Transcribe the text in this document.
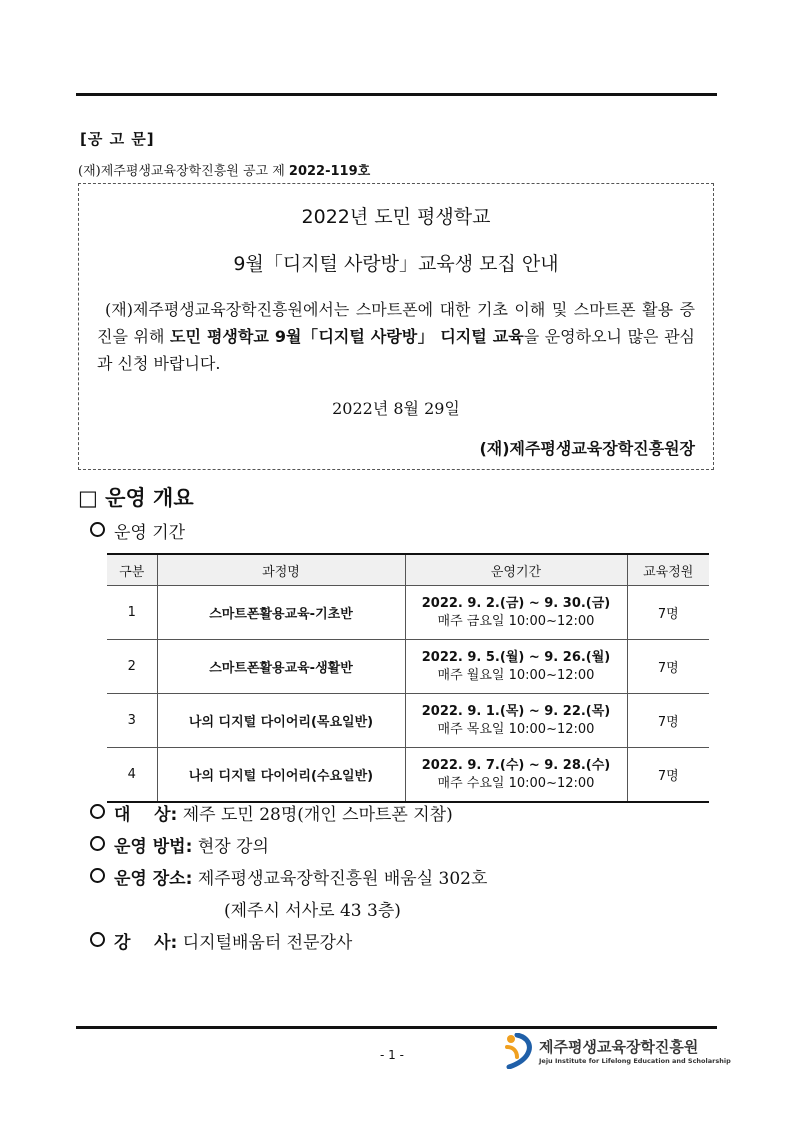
[공 고 문]
(재)제주평생교육장학진흥원 공고 제 2022-119호
2022년 도민 평생학교
9월「디지털 사랑방」교육생 모집 안내
(재)제주평생교육장학진흥원에서는 스마트폰에 대한 기초 이해 및 스마트폰 활용 증진을 위해 도민 평생학교 9월「디지털 사랑방」 디지털 교육을 운영하오니 많은 관심과 신청 바랍니다.
2022년 8월 29일
(재)제주평생교육장학진흥원장
□ 운영 개요
운영 기간
구분	과정명	운영기간	교육정원
1	스마트폰활용교육-기초반	2022. 9. 2.(금) ~ 9. 30.(금)
매주 금요일 10:00~12:00	7명
2	스마트폰활용교육-생활반	2022. 9. 5.(월) ~ 9. 26.(월)
매주 월요일 10:00~12:00	7명
3	나의 디지털 다이어리(목요일반)	2022. 9. 1.(목) ~ 9. 22.(목)
매주 목요일 10:00~12:00	7명
4	나의 디지털 다이어리(수요일반)	2022. 9. 7.(수) ~ 9. 28.(수)
매주 수요일 10:00~12:00	7명
대    상: 제주 도민 28명(개인 스마트폰 지참)
운영 방법: 현장 강의
운영 장소: 제주평생교육장학진흥원 배움실 302호
(제주시 서사로 43 3층)
강    사: 디지털배움터 전문강사
- 1 -	제주평생교육장학진흥원
Jeju Institute for Lifelong Education and Scholarship
